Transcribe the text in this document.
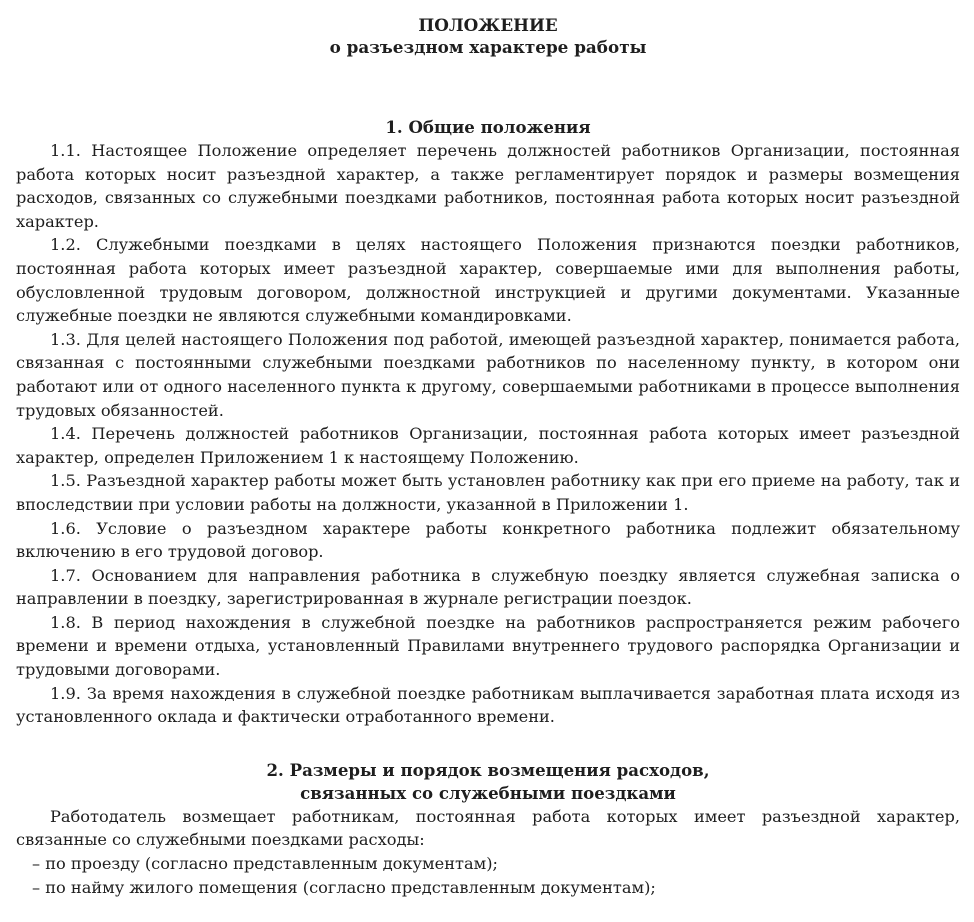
ПОЛОЖЕНИЕ

о разъездном характере работы

1. Общие положения

1.1. Настоящее Положение определяет перечень должностей работников Организации, постоянная работа которых носит разъездной характер, а также регламентирует порядок и размеры возмещения расходов, связанных со служебными поездками работников, постоянная работа которых носит разъездной характер.

1.2. Служебными поездками в целях настоящего Положения признаются поездки работников, постоянная работа которых имеет разъездной характер, совершаемые ими для выполнения работы, обусловленной трудовым договором, должностной инструкцией и другими документами. Указанные служебные поездки не являются служебными командировками.

1.3. Для целей настоящего Положения под работой, имеющей разъездной характер, понимается работа, связанная с постоянными служебными поездками работников по населенному пункту, в котором они работают или от одного населенного пункта к другому, совершаемыми работниками в процессе выполнения трудовых обязанностей.

1.4. Перечень должностей работников Организации, постоянная работа которых имеет разъездной характер, определен Приложением 1 к настоящему Положению.

1.5. Разъездной характер работы может быть установлен работнику как при его приеме на работу, так и впоследствии при условии работы на должности, указанной в Приложении 1.

1.6. Условие о разъездном характере работы конкретного работника подлежит обязательному включению в его трудовой договор.

1.7. Основанием для направления работника в служебную поездку является служебная записка о направлении в поездку, зарегистрированная в журнале регистрации поездок.

1.8. В период нахождения в служебной поездке на работников распространяется режим рабочего времени и времени отдыха, установленный Правилами внутреннего трудового распорядка Организации и трудовыми договорами.

1.9. За время нахождения в служебной поездке работникам выплачивается заработная плата исходя из установленного оклада и фактически отработанного времени.

2. Размеры и порядок возмещения расходов,

связанных со служебными поездками

Работодатель возмещает работникам, постоянная работа которых имеет разъездной характер, связанные со служебными поездками расходы:

– по проезду (согласно представленным документам);

– по найму жилого помещения (согласно представленным документам);
